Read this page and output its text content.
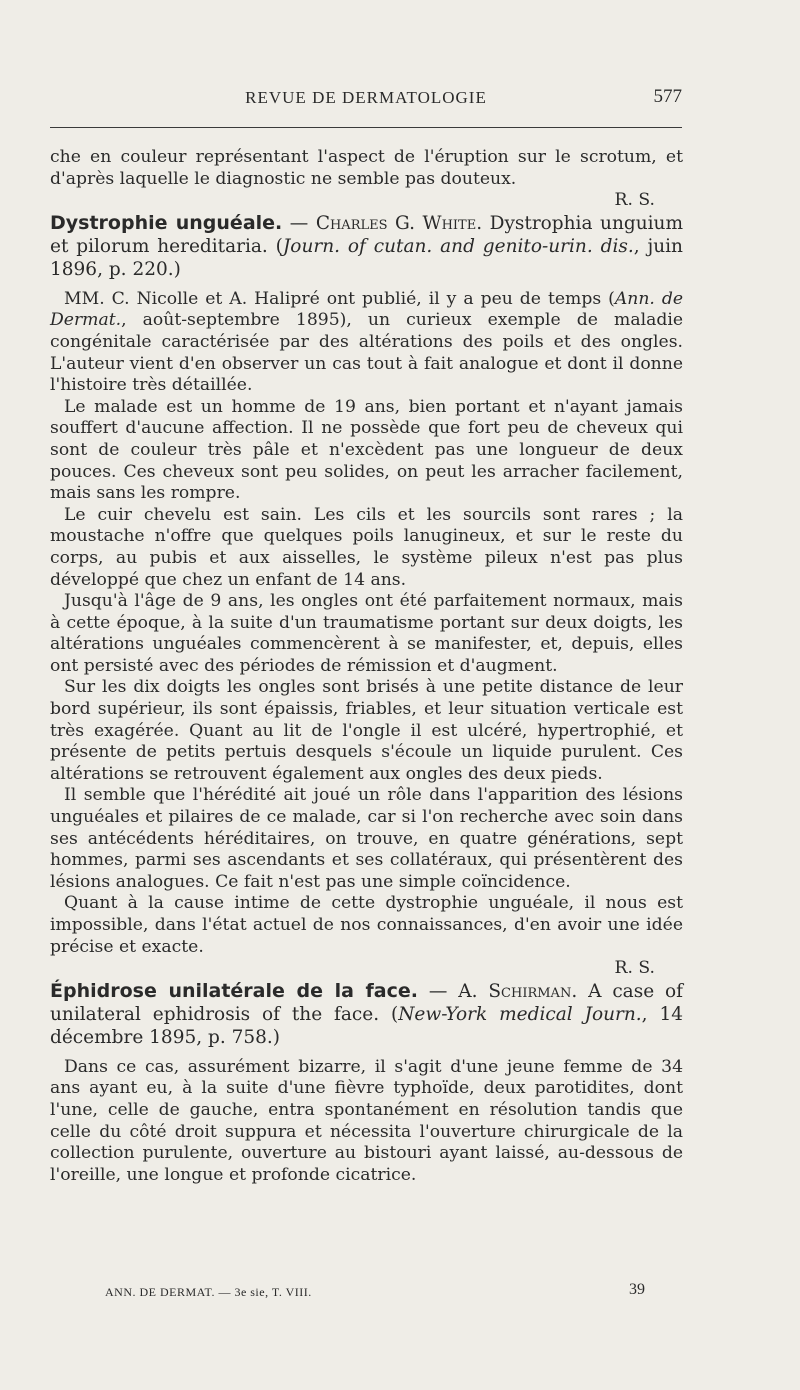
REVUE DE DERMATOLOGIE	577

che en couleur représentant l'aspect de l'éruption sur le scrotum, et d'après laquelle le diagnostic ne semble pas douteux.

R. S.

Dystrophie unguéale. — Charles G. White. Dystrophia unguium et pilorum hereditaria. (Journ. of cutan. and genito-urin. dis., juin 1896, p. 220.)

MM. C. Nicolle et A. Halipré ont publié, il y a peu de temps (Ann. de Dermat., août-septembre 1895), un curieux exemple de maladie congénitale caractérisée par des altérations des poils et des ongles. L'auteur vient d'en observer un cas tout à fait analogue et dont il donne l'histoire très détaillée.

Le malade est un homme de 19 ans, bien portant et n'ayant jamais souffert d'aucune affection. Il ne possède que fort peu de cheveux qui sont de couleur très pâle et n'excèdent pas une longueur de deux pouces. Ces cheveux sont peu solides, on peut les arracher facilement, mais sans les rompre.

Le cuir chevelu est sain. Les cils et les sourcils sont rares ; la moustache n'offre que quelques poils lanugineux, et sur le reste du corps, au pubis et aux aisselles, le système pileux n'est pas plus développé que chez un enfant de 14 ans.

Jusqu'à l'âge de 9 ans, les ongles ont été parfaitement normaux, mais à cette époque, à la suite d'un traumatisme portant sur deux doigts, les altérations unguéales commencèrent à se manifester, et, depuis, elles ont persisté avec des périodes de rémission et d'augment.

Sur les dix doigts les ongles sont brisés à une petite distance de leur bord supérieur, ils sont épaissis, friables, et leur situation verticale est très exagérée. Quant au lit de l'ongle il est ulcéré, hypertrophié, et présente de petits pertuis desquels s'écoule un liquide purulent. Ces altérations se retrouvent également aux ongles des deux pieds.

Il semble que l'hérédité ait joué un rôle dans l'apparition des lésions unguéales et pilaires de ce malade, car si l'on recherche avec soin dans ses antécédents héréditaires, on trouve, en quatre générations, sept hommes, parmi ses ascendants et ses collatéraux, qui présentèrent des lésions analogues. Ce fait n'est pas une simple coïncidence.

Quant à la cause intime de cette dystrophie unguéale, il nous est impossible, dans l'état actuel de nos connaissances, d'en avoir une idée précise et exacte.

R. S.

Éphidrose unilatérale de la face. — A. Schirman. A case of unilateral ephidrosis of the face. (New-York medical Journ., 14 décembre 1895, p. 758.)

Dans ce cas, assurément bizarre, il s'agit d'une jeune femme de 34 ans ayant eu, à la suite d'une fièvre typhoïde, deux parotidites, dont l'une, celle de gauche, entra spontanément en résolution tandis que celle du côté droit suppura et nécessita l'ouverture chirurgicale de la collection purulente, ouverture au bistouri ayant laissé, au-dessous de l'oreille, une longue et profonde cicatrice.

ANN. DE DERMAT. — 3e sie, T. VIII.	39
